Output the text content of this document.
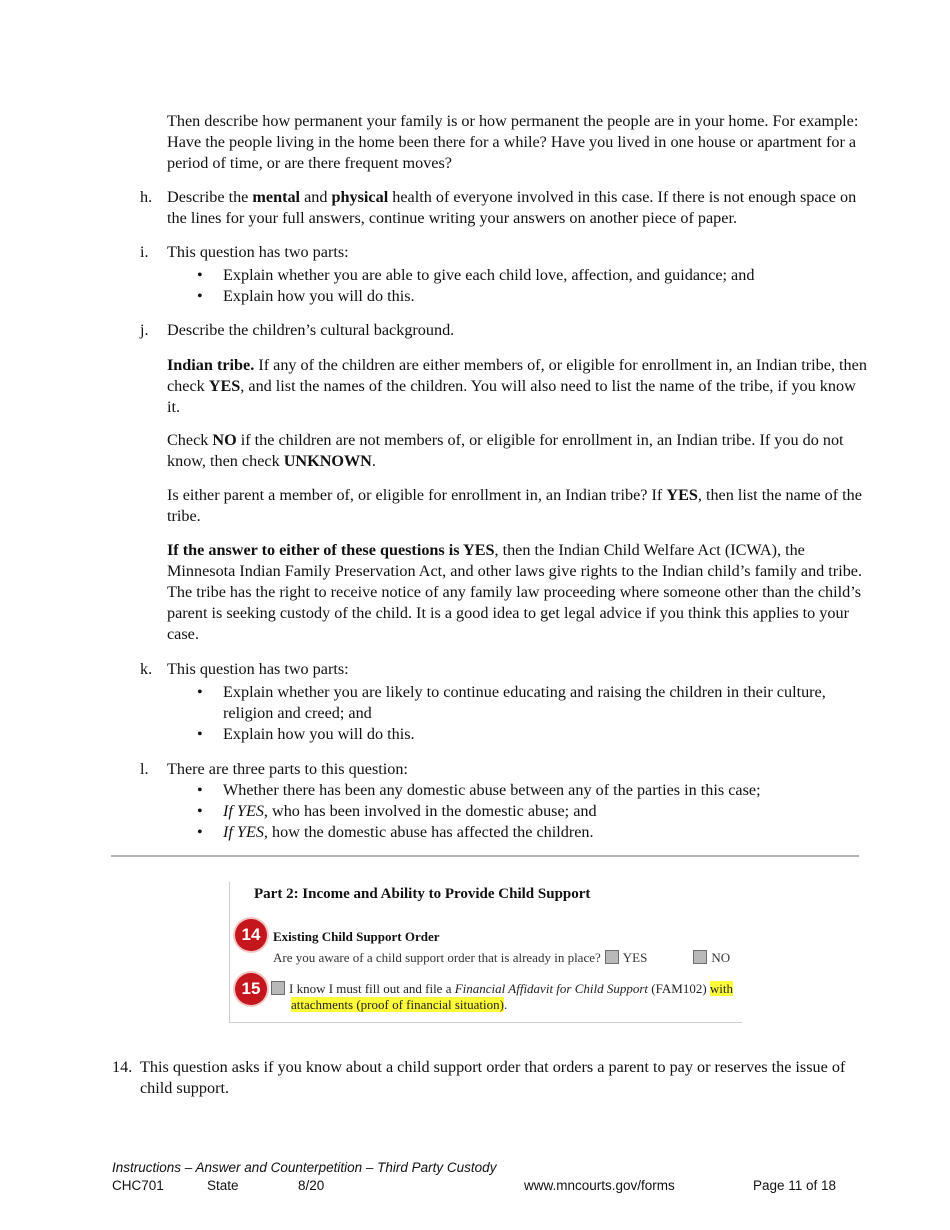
Then describe how permanent your family is or how permanent the people are in your home. For example: Have the people living in the home been there for a while? Have you lived in one house or apartment for a period of time, or are there frequent moves?

h. Describe the mental and physical health of everyone involved in this case. If there is not enough space on the lines for your full answers, continue writing your answers on another piece of paper.
i. This question has two parts:
• Explain whether you are able to give each child love, affection, and guidance; and
• Explain how you will do this.
j. Describe the children’s cultural background.
Indian tribe. If any of the children are either members of, or eligible for enrollment in, an Indian tribe, then check YES, and list the names of the children. You will also need to list the name of the tribe, if you know it.
Check NO if the children are not members of, or eligible for enrollment in, an Indian tribe. If you do not know, then check UNKNOWN.
Is either parent a member of, or eligible for enrollment in, an Indian tribe? If YES, then list the name of the tribe.
If the answer to either of these questions is YES, then the Indian Child Welfare Act (ICWA), the Minnesota Indian Family Preservation Act, and other laws give rights to the Indian child’s family and tribe. The tribe has the right to receive notice of any family law proceeding where someone other than the child’s parent is seeking custody of the child. It is a good idea to get legal advice if you think this applies to your case.
k. This question has two parts:
• Explain whether you are likely to continue educating and raising the children in their culture, religion and creed; and
• Explain how you will do this.
l. There are three parts to this question:
• Whether there has been any domestic abuse between any of the parties in this case;
• If YES, who has been involved in the domestic abuse; and
• If YES, how the domestic abuse has affected the children.
Part 2: Income and Ability to Provide Child Support
14 Existing Child Support Order
Are you aware of a child support order that is already in place? YES	NO
15	I know I must fill out and file a Financial Affidavit for Child Support (FAM102) with
attachments (proof of financial situation).
14. This question asks if you know about a child support order that orders a parent to pay or reserves the issue of child support.
Instructions – Answer and Counterpetition – Third Party Custody
CHC701	State	8/20	www.mncourts.gov/forms	Page 11 of 18
